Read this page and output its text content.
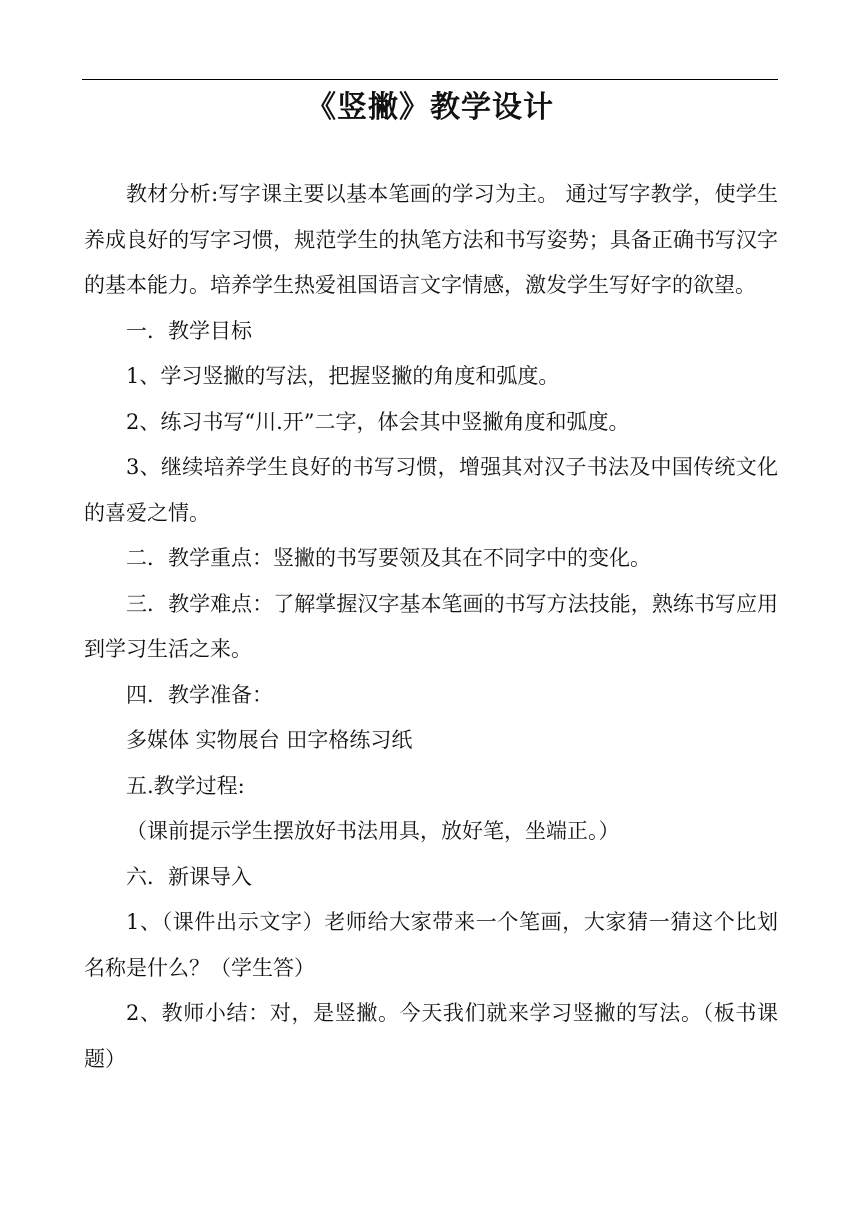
《竖撇》教学设计

教材分析:写字课主要以基本笔画的学习为主。 通过写字教学，使学生养成良好的写字习惯，规范学生的执笔方法和书写姿势；具备正确书写汉字的基本能力。培养学生热爱祖国语言文字情感，激发学生写好字的欲望。

一．教学目标

1、学习竖撇的写法，把握竖撇的角度和弧度。

2、练习书写“川.开”二字，体会其中竖撇角度和弧度。

3、继续培养学生良好的书写习惯，增强其对汉子书法及中国传统文化的喜爱之情。

二．教学重点：竖撇的书写要领及其在不同字中的变化。

三．教学难点：了解掌握汉字基本笔画的书写方法技能，熟练书写应用到学习生活之来。

四．教学准备：

多媒体 实物展台 田字格练习纸

五.教学过程:

（课前提示学生摆放好书法用具，放好笔，坐端正。）

六．新课导入

1、（课件出示文字）老师给大家带来一个笔画，大家猜一猜这个比划名称是什么？（学生答）

2、教师小结：对，是竖撇。今天我们就来学习竖撇的写法。（板书课题）
